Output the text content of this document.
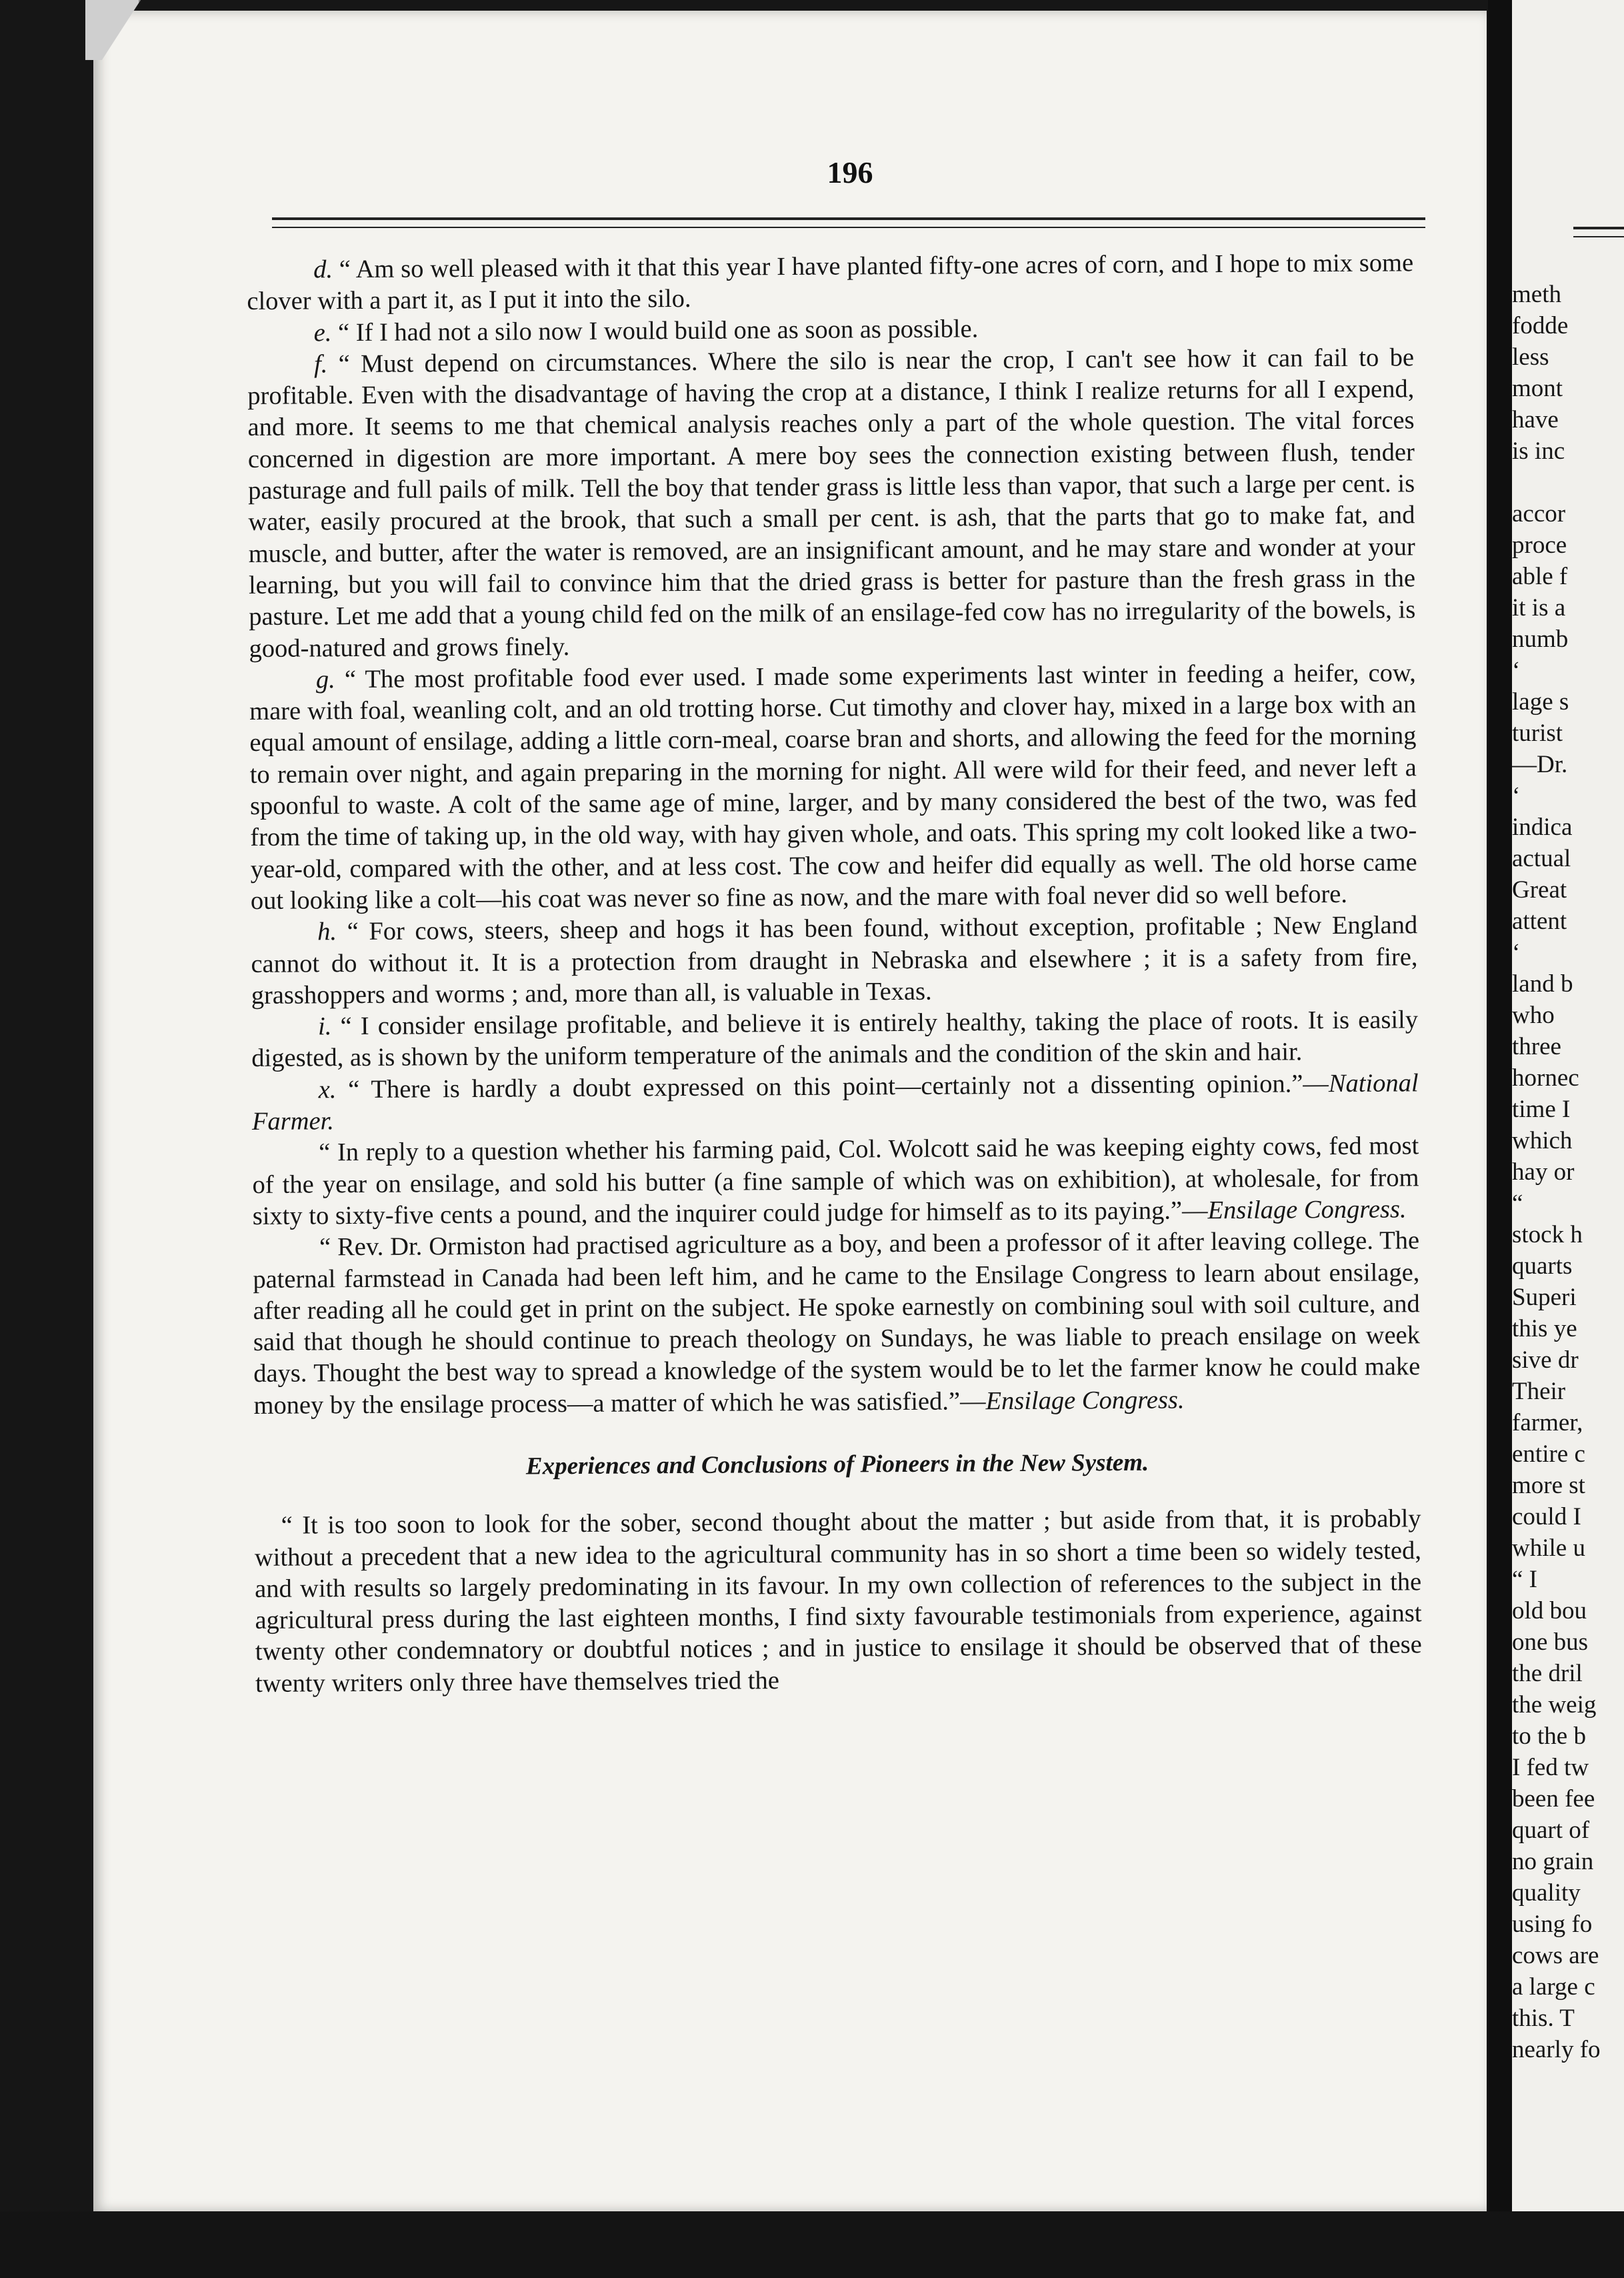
196

d. “ Am so well pleased with it that this year I have planted fifty-one acres of corn, and I hope to mix some clover with a part it, as I put it into the silo.

e. “ If I had not a silo now I would build one as soon as possible.

f. “ Must depend on circumstances. Where the silo is near the crop, I can't see how it can fail to be profitable. Even with the disadvantage of having the crop at a distance, I think I realize returns for all I expend, and more. It seems to me that chemical analysis reaches only a part of the whole question. The vital forces concerned in digestion are more important. A mere boy sees the connection existing between flush, tender pasturage and full pails of milk. Tell the boy that tender grass is little less than vapor, that such a large per cent. is water, easily procured at the brook, that such a small per cent. is ash, that the parts that go to make fat, and muscle, and butter, after the water is removed, are an insignificant amount, and he may stare and wonder at your learning, but you will fail to convince him that the dried grass is better for pasture than the fresh grass in the pasture. Let me add that a young child fed on the milk of an ensilage-fed cow has no irregularity of the bowels, is good-natured and grows finely.

g. “ The most profitable food ever used. I made some experiments last winter in feeding a heifer, cow, mare with foal, weanling colt, and an old trotting horse. Cut timothy and clover hay, mixed in a large box with an equal amount of ensilage, adding a little corn-meal, coarse bran and shorts, and allowing the feed for the morning to remain over night, and again preparing in the morning for night. All were wild for their feed, and never left a spoonful to waste. A colt of the same age of mine, larger, and by many considered the best of the two, was fed from the time of taking up, in the old way, with hay given whole, and oats. This spring my colt looked like a two-year-old, compared with the other, and at less cost. The cow and heifer did equally as well. The old horse came out looking like a colt—his coat was never so fine as now, and the mare with foal never did so well before.

h. “ For cows, steers, sheep and hogs it has been found, without exception, profitable ; New England cannot do without it. It is a protection from draught in Nebraska and elsewhere ; it is a safety from fire, grasshoppers and worms ; and, more than all, is valuable in Texas.

i. “ I consider ensilage profitable, and believe it is entirely healthy, taking the place of roots. It is easily digested, as is shown by the uniform temperature of the animals and the condition of the skin and hair.

x. “ There is hardly a doubt expressed on this point—certainly not a dissenting opinion.”—National Farmer.

“ In reply to a question whether his farming paid, Col. Wolcott said he was keeping eighty cows, fed most of the year on ensilage, and sold his butter (a fine sample of which was on exhibition), at wholesale, for from sixty to sixty-five cents a pound, and the inquirer could judge for himself as to its paying.”—Ensilage Congress.

“ Rev. Dr. Ormiston had practised agriculture as a boy, and been a professor of it after leaving college. The paternal farmstead in Canada had been left him, and he came to the Ensilage Congress to learn about ensilage, after reading all he could get in print on the subject. He spoke earnestly on combining soul with soil culture, and said that though he should continue to preach theology on Sundays, he was liable to preach ensilage on week days. Thought the best way to spread a knowledge of the system would be to let the farmer know he could make money by the ensilage process—a matter of which he was satisfied.”—Ensilage Congress.

Experiences and Conclusions of Pioneers in the New System.

“ It is too soon to look for the sober, second thought about the matter ; but aside from that, it is probably without a precedent that a new idea to the agricultural community has in so short a time been so widely tested, and with results so largely predominating in its favour. In my own collection of references to the subject in the agricultural press during the last eighteen months, I find sixty favourable testimonials from experience, against twenty other condemnatory or doubtful notices ; and in justice to ensilage it should be observed that of these twenty writers only three have themselves tried the

meth
fodde
less
mont
have
is inc
accor
proce
able f
it is a
numb
‘
lage s
turist
—Dr.
‘
indica
actual
Great
attent
‘
land b
who
three
hornec
time I
which
hay or
“
stock h
quarts
Superi
this ye
sive dr
Their
farmer,
entire c
more st
could I
while u
“ I
old bou
one bus
the dril
the weig
to the b
I fed tw
been fee
quart of
no grain
quality
using fo
cows are
a large c
this. T
nearly fo
